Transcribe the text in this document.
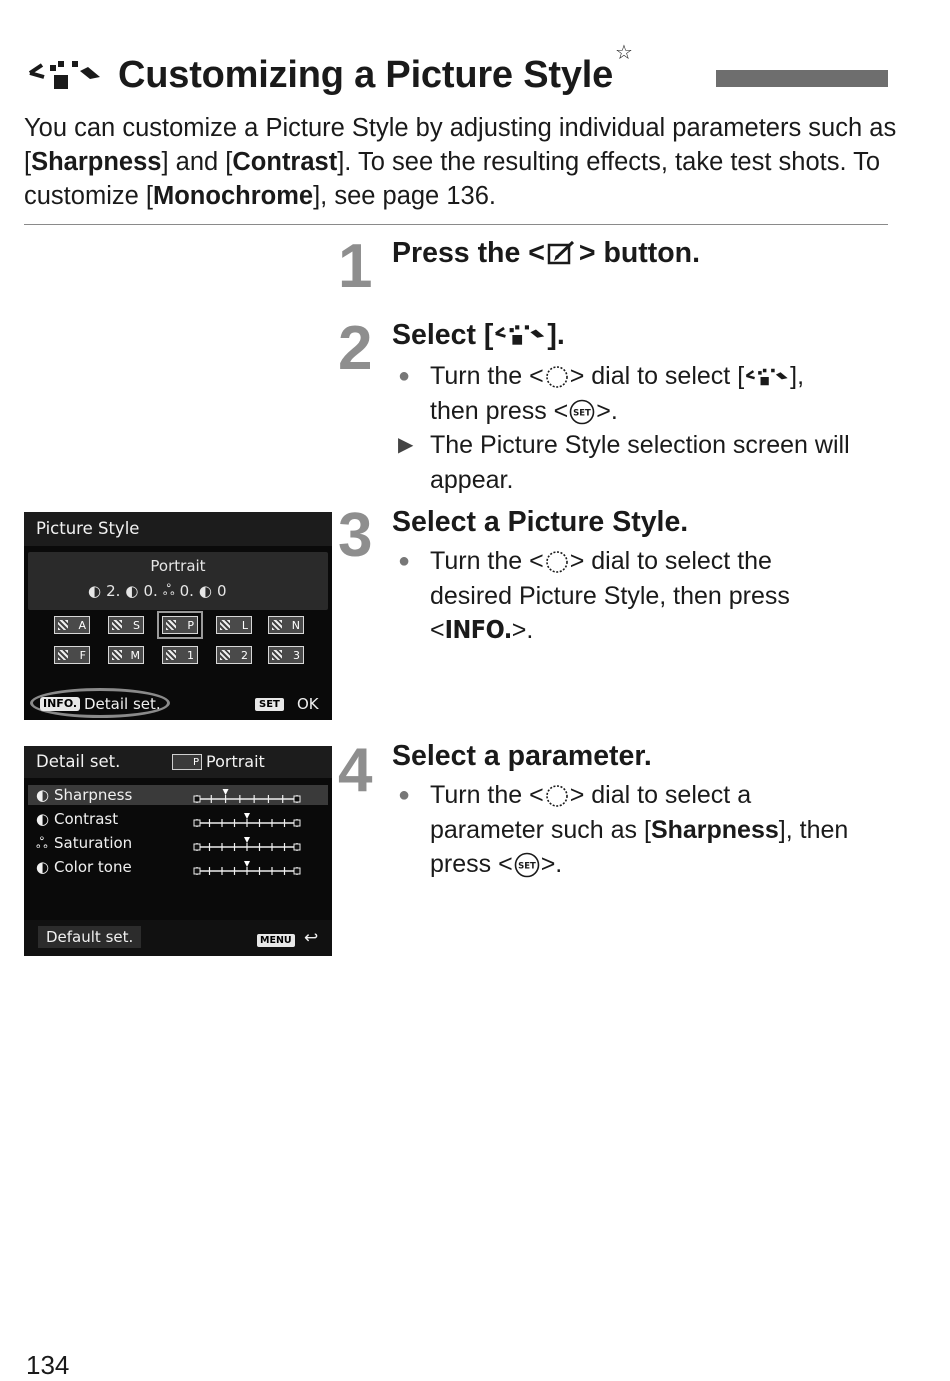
Customizing a Picture Style☆
You can customize a Picture Style by adjusting individual parameters such as [Sharpness] and [Contrast]. To see the resulting effects, take test shots. To customize [Monochrome], see page 136.
1 Press the < > button.
2 Select [ ].
● Turn the < > dial to select [ ],
then press < SET >.
▶ The Picture Style selection screen will
appear.
3 Select a Picture Style.
● Turn the < > dial to select the
desired Picture Style, then press
<INFO.>.
4 Select a parameter.
● Turn the < > dial to select a
parameter such as [Sharpness], then
press < SET >.
Picture Style
Portrait
◐ 2. ◐ 0. ஃ 0. ◐ 0
A	S	P	L	N
F	M	1	2	3
INFO. Detail set.	SET OK
Detail set.	P Portrait
◐ Sharpness
◐ Contrast
ஃ Saturation
◐ Color tone
Default set.	MENU ↩
134
